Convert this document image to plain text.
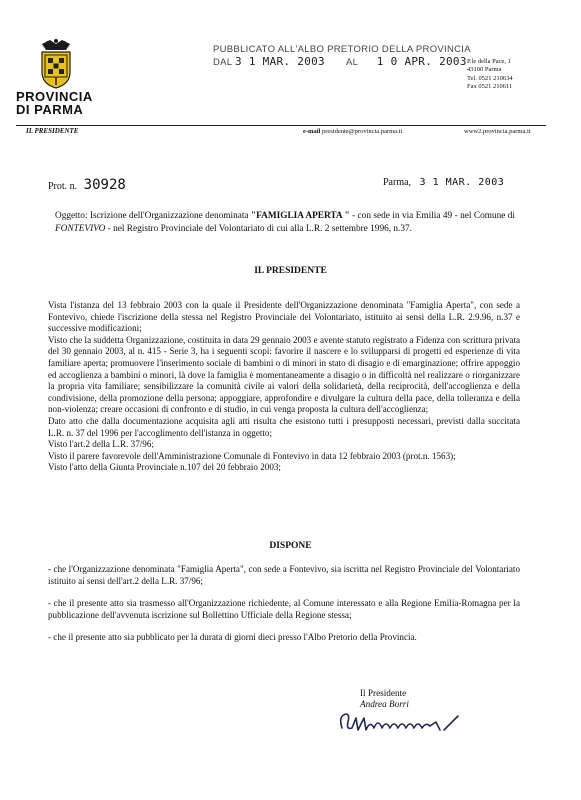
PROVINCIA
DI PARMA
PUBBLICATO ALL'ALBO PRETORIO DELLA PROVINCIA
DAL 3 1 MAR. 2003 AL 1 0 APR. 2003 P.le della Pace, 1
43100 Parma
Tel. 0521 210634
Fax 0521 210611
IL PRESIDENTE	e-mail presidente@provincia.parma.it	www2.provincia.parma.it
Prot. n. 30928	Parma, 3 1 MAR. 2003
Oggetto: Iscrizione dell'Organizzazione denominata "FAMIGLIA APERTA " - con sede in via Emilia 49 - nel Comune di FONTEVIVO - nel Registro Provinciale del Volontariato di cui alla L.R. 2 settembre 1996, n.37.
IL PRESIDENTE

Vista l'istanza del 13 febbraio 2003 con la quale il Presidente dell'Organizzazione denominata "Famiglia Aperta", con sede a Fontevivo, chiede l'iscrizione della stessa nel Registro Provinciale del Volontariato, istituito ai sensi della L.R. 2.9.96, n.37 e successive modificazioni;

Visto che la suddetta Organizzazione, costituita in data 29 gennaio 2003 e avente statuto registrato a Fidenza con scrittura privata del 30 gennaio 2003, al n. 415 - Serie 3, ha i seguenti scopi: favorire il nascere e lo svilupparsi di progetti ed esperienze di vita familiare aperta; promuovere l'inserimento sociale di bambini o di minori in stato di disagio e di emarginazione; offrire appoggio ed accoglienza a bambini o minori, là dove la famiglia è momentaneamente a disagio o in difficoltà nel realizzare o riorganizzare la propria vita familiare; sensibilizzare la comunità civile ai valori della solidarietà, della reciprocità, dell'accoglienza e della condivisione, della promozione della persona; appoggiare, approfondire e divulgare la cultura della pace, della tolleranza e della non-violenza; creare occasioni di confronto e di studio, in cui venga proposta la cultura dell'accoglienza;

Dato atto che dalla documentazione acquisita agli atti risulta che esistono tutti i presupposti necessari, previsti dalla succitata L.R. n. 37 del 1996 per l'accoglimento dell'istanza in oggetto;

Visto l'art.2 della L.R. 37/96;

Visto il parere favorevole dell'Amministrazione Comunale di Fontevivo in data 12 febbraio 2003 (prot.n. 1563);

Visto l'atto della Giunta Provinciale n.107 del 20 febbraio 2003;

DISPONE

- che l'Organizzazione denominata "Famiglia Aperta", con sede a Fontevivo, sia iscritta nel Registro Provinciale del Volontariato istituito ai sensi dell'art.2 della L.R. 37/96;

- che il presente atto sia trasmesso all'Organizzazione richiedente, al Comune interessato e alla Regione Emilia-Romagna per la pubblicazione dell'avvenuta iscrizione sul Bollettino Ufficiale della Regione stessa;

- che il presente atto sia pubblicato per la durata di giorni dieci presso l'Albo Pretorio della Provincia.

Il Presidente
Andrea Borri
